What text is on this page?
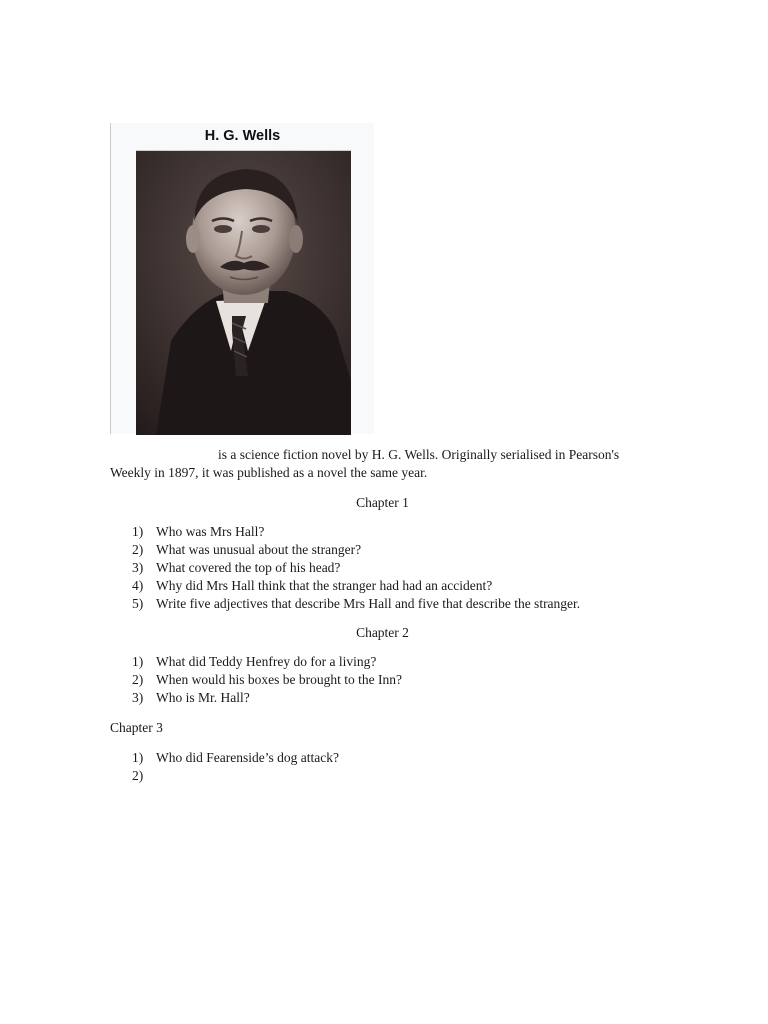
H. G. Wells

is a science fiction novel by H. G. Wells. Originally serialised in Pearson's Weekly in 1897, it was published as a novel the same year.

Chapter 1

1) Who was Mrs Hall?
2) What was unusual about the stranger?
3) What covered the top of his head?
4) Why did Mrs Hall think that the stranger had had an accident?
5) Write five adjectives that describe Mrs Hall and five that describe the stranger.

Chapter 2

1) What did Teddy Henfrey do for a living?
2) When would his boxes be brought to the Inn?
3) Who is Mr. Hall?

Chapter 3

1) Who did Fearenside’s dog attack?
2)
